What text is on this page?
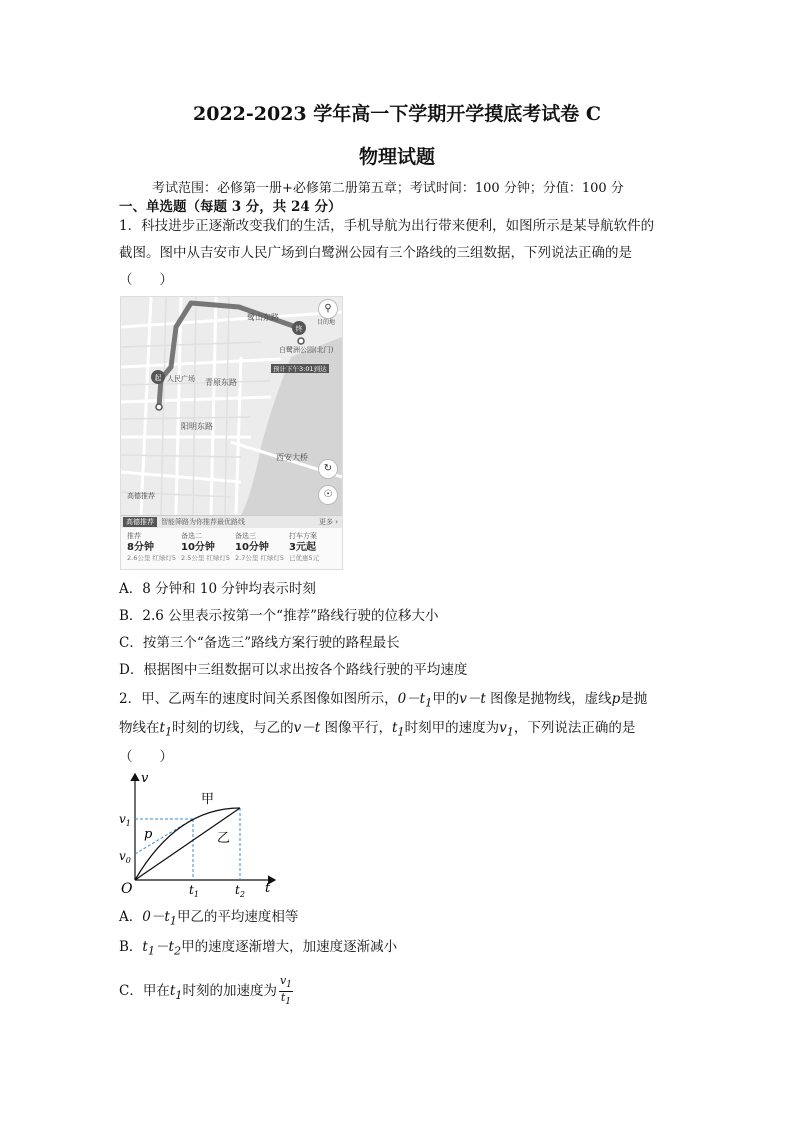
2022-2023 学年高一下学期开学摸底考试卷 C
物理试题
考试范围：必修第一册+必修第二册第五章；考试时间：100 分钟；分值：100 分
一、单选题（每题 3 分，共 24 分）
1．科技进步正逐渐改变我们的生活，手机导航为出行带来便利，如图所示是某导航软件的
截图。图中从吉安市人民广场到白鹭洲公园有三个路线的三组数据，下列说法正确的是
（　　）
终
起
鹭山东路
青原东路
阳明东路
西安大桥
白鹭洲公园(北门)
预计下午3:01到达
人民广场
高德推荐
⚲
目的地
↻
☉
高德推荐	智能筛路为你推荐最优路线	更多 ›
推荐
8分钟
2.6公里 红绿灯5
备选二
10分钟
2.5公里 红绿灯5
备选三
10分钟
2.7公里 红绿灯5
打车方案
3元起
已优惠5元
A．8 分钟和 10 分钟均表示时刻
B．2.6 公里表示按第一个“推荐”路线行驶的位移大小
C．按第三个“备选三”路线方案行驶的路程最长
D．根据图中三组数据可以求出按各个路线行驶的平均速度
2．甲、乙两车的速度时间关系图像如图所示，$0-t_1$甲的v－t 图像是抛物线，虚线p是抛
物线在$t_1$时刻的切线，与乙的v－t 图像平行，$t_1$时刻甲的速度为$v_1$，下列说法正确的是
（　　）
v
t
O
$v_1$
$v_0$
$t_1$	$t_2$
甲
乙
p
A．$0-t_1$甲乙的平均速度相等
B．$t_1-t_2$甲的速度逐渐增大，加速度逐渐减小
C．甲在$t_1$时刻的加速度为 $\frac{v_1}{t_1}$
